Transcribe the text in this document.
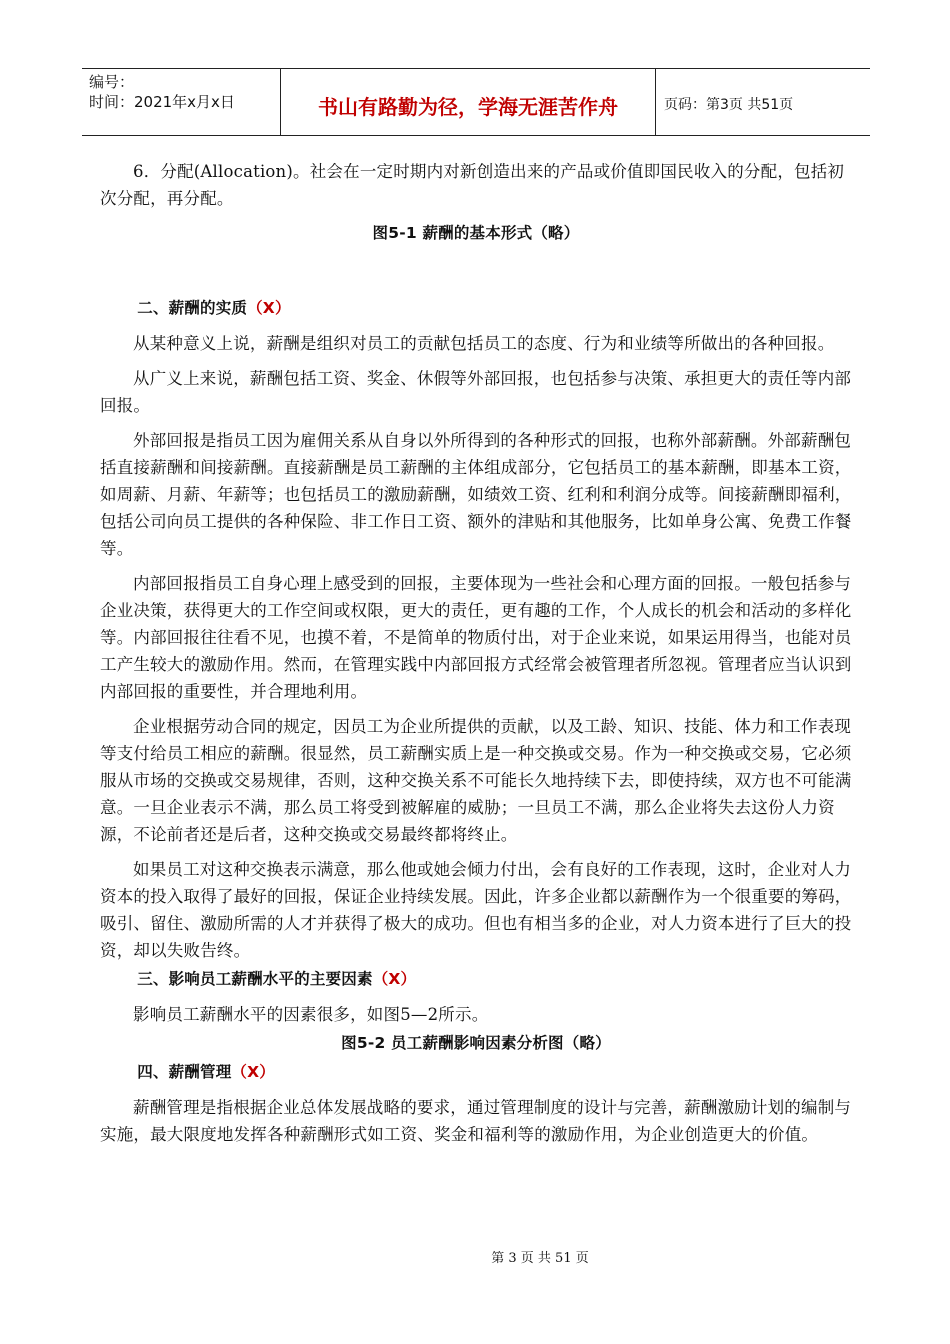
编号：
时间：2021年x月x日	书山有路勤为径，学海无涯苦作舟	页码：第3页 共51页

6．分配(Allocation)。社会在一定时期内对新创造出来的产品或价值即国民收入的分配，包括初次分配，再分配。

图5-1 薪酬的基本形式（略）

二、薪酬的实质（X）

从某种意义上说，薪酬是组织对员工的贡献包括员工的态度、行为和业绩等所做出的各种回报。

从广义上来说，薪酬包括工资、奖金、休假等外部回报，也包括参与决策、承担更大的责任等内部回报。

外部回报是指员工因为雇佣关系从自身以外所得到的各种形式的回报，也称外部薪酬。外部薪酬包括直接薪酬和间接薪酬。直接薪酬是员工薪酬的主体组成部分，它包括员工的基本薪酬，即基本工资，如周薪、月薪、年薪等；也包括员工的激励薪酬，如绩效工资、红利和利润分成等。间接薪酬即福利，包括公司向员工提供的各种保险、非工作日工资、额外的津贴和其他服务，比如单身公寓、免费工作餐等。

内部回报指员工自身心理上感受到的回报，主要体现为一些社会和心理方面的回报。一般包括参与企业决策，获得更大的工作空间或权限，更大的责任，更有趣的工作，个人成长的机会和活动的多样化等。内部回报往往看不见，也摸不着，不是简单的物质付出，对于企业来说，如果运用得当，也能对员工产生较大的激励作用。然而，在管理实践中内部回报方式经常会被管理者所忽视。管理者应当认识到内部回报的重要性，并合理地利用。

企业根据劳动合同的规定，因员工为企业所提供的贡献，以及工龄、知识、技能、体力和工作表现等支付给员工相应的薪酬。很显然，员工薪酬实质上是一种交换或交易。作为一种交换或交易，它必须服从市场的交换或交易规律，否则，这种交换关系不可能长久地持续下去，即使持续，双方也不可能满意。一旦企业表示不满，那么员工将受到被解雇的威胁；一旦员工不满，那么企业将失去这份人力资源，不论前者还是后者，这种交换或交易最终都将终止。

如果员工对这种交换表示满意，那么他或她会倾力付出，会有良好的工作表现，这时，企业对人力资本的投入取得了最好的回报，保证企业持续发展。因此，许多企业都以薪酬作为一个很重要的筹码，吸引、留住、激励所需的人才并获得了极大的成功。但也有相当多的企业，对人力资本进行了巨大的投资，却以失败告终。

三、影响员工薪酬水平的主要因素（X）

影响员工薪酬水平的因素很多，如图5—2所示。

图5-2 员工薪酬影响因素分析图（略）

四、薪酬管理（X）

薪酬管理是指根据企业总体发展战略的要求，通过管理制度的设计与完善，薪酬激励计划的编制与实施，最大限度地发挥各种薪酬形式如工资、奖金和福利等的激励作用，为企业创造更大的价值。

第 3 页 共 51 页
